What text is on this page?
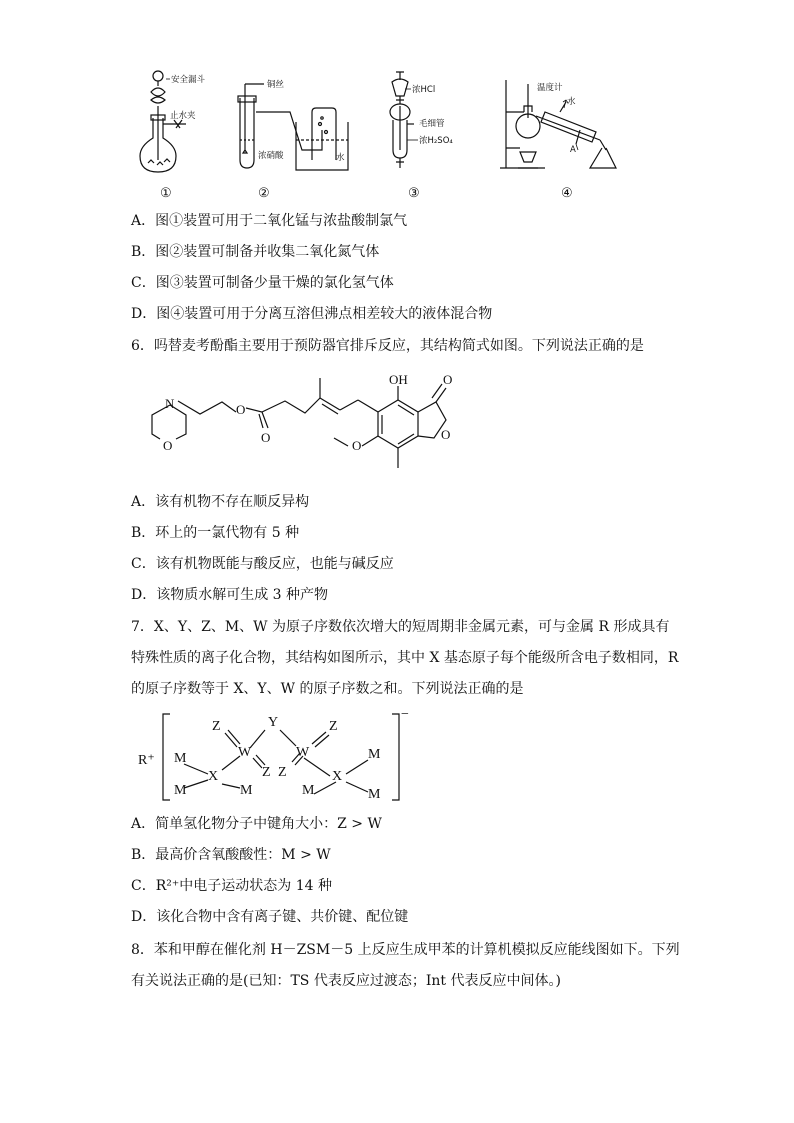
安全漏斗
止水夹
铜丝
浓硝酸	水
浓HCl
毛细管
浓H₂SO₄
温度计
水
A
①	②	③	④
A．图①装置可用于二氧化锰与浓盐酸制氯气
B．图②装置可制备并收集二氧化氮气体
C．图③装置可制备少量干燥的氯化氢气体
D．图④装置可用于分离互溶但沸点相差较大的液体混合物
6．吗替麦考酚酯主要用于预防器官排斥反应，其结构简式如图。下列说法正确的是
OH	O
O
O
O
O
O
N
A．该有机物不存在顺反异构
B．环上的一氯代物有 5 种
C．该有机物既能与酸反应，也能与碱反应
D．该物质水解可生成 3 种产物
7．X、Y、Z、M、W 为原子序数依次增大的短周期非金属元素，可与金属 R 形成具有
特殊性质的离子化合物，其结构如图所示，其中 X 基态原子每个能级所含电子数相同，R
的原子序数等于 X、Y、W 的原子序数之和。下列说法正确的是
R⁺
−
Z	Y	Z
W	W
Z Z
X	X
M
M	M	M
M
M
A．简单氢化物分子中键角大小：Z > W
B．最高价含氧酸酸性：M > W
C．R²⁺中电子运动状态为 14 种
D．该化合物中含有离子键、共价键、配位键
8．苯和甲醇在催化剂 H－ZSM－5 上反应生成甲苯的计算机模拟反应能线图如下。下列
有关说法正确的是(已知：TS 代表反应过渡态；Int 代表反应中间体。)
